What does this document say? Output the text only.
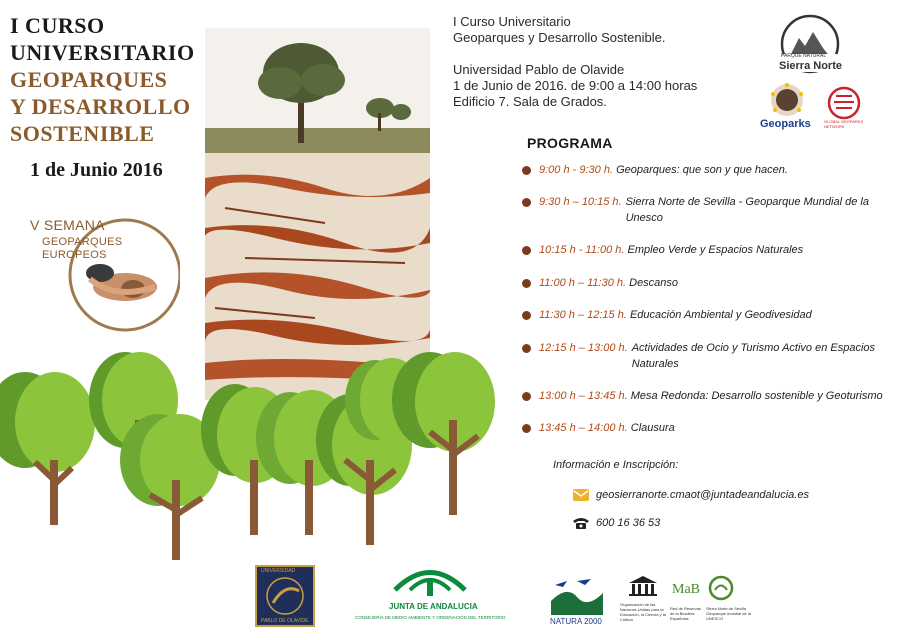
I CURSO
UNIVERSITARIO
GEOPARQUES
Y DESARROLLO
SOSTENIBLE
1 de Junio 2016
V SEMANA
GEOPARQUES
EUROPEOS
I Curso Universitario
Geoparques y Desarrollo Sostenible.
Universidad Pablo de Olavide
1 de Junio de 2016. de 9:00 a 14:00 horas
Edificio 7. Sala de Grados.
PARQUE NATURAL
Sierra Norte
Geoparks	GLOBAL GEOPARKS NETWORK
PROGRAMA
9:00 h - 9:30 h. Geoparques: que son y que hacen.
9:30 h – 10:15 h. Sierra Norte de Sevilla - Geoparque Mundial de la Unesco
10:15 h - 11:00 h. Empleo Verde y Espacios Naturales
11:00 h – 11:30 h. Descanso
11:30 h – 12:15 h. Educación Ambiental y Geodivesidad
12:15 h – 13:00 h. Actividades de Ocio y Turismo Activo en Espacios Naturales
13:00 h – 13:45 h. Mesa Redonda: Desarrollo sostenible y Geoturismo
13:45 h – 14:00 h. Clausura
Información e Inscripción:
geosierranorte.cmaot@juntadeandalucia.es
600 16 36 53
UNIVERSIDAD
PABLO DE OLAVIDE
JUNTA DE ANDALUCIA
CONSEJERÍA DE MEDIO AMBIENTE Y ORDENACIÓN DEL TERRITORIO	NATURA 2000
Organización de las Naciones Unidas para la Educación, la Ciencia y la Cultura
MaB
Red de Reservas de la Biosfera Españolas
Sierra Norte de Sevilla Geoparque mundial de la UNESCO
